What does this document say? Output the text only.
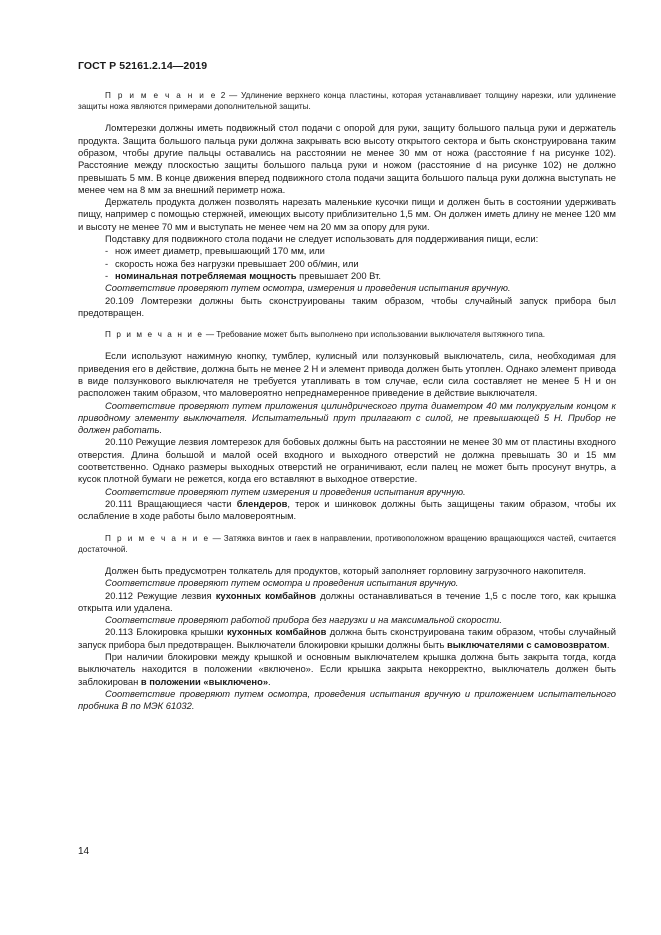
ГОСТ Р 52161.2.14—2019

П р и м е ч а н и е 2 — Удлинение верхнего конца пластины, которая устанавливает толщину нарезки, или удлинение защиты ножа являются примерами дополнительной защиты.

Ломтерезки должны иметь подвижный стол подачи с опорой для руки, защиту большого пальца руки и держатель продукта. Защита большого пальца руки должна закрывать всю высоту открытого сектора и быть сконструирована таким образом, чтобы другие пальцы оставались на расстоянии не менее 30 мм от ножа (расстояние f на рисунке 102). Расстояние между плоскостью защиты большого пальца руки и ножом (расстояние d на рисунке 102) не должно превышать 5 мм. В конце движения вперед подвижного стола подачи защита большого пальца руки должна выступать не менее чем на 8 мм за внешний периметр ножа.

Держатель продукта должен позволять нарезать маленькие кусочки пищи и должен быть в состоянии удерживать пищу, например с помощью стержней, имеющих высоту приблизительно 1,5 мм. Он должен иметь длину не менее 120 мм и высоту не менее 70 мм и выступать не менее чем на 20 мм за опору для руки.

Подставку для подвижного стола подачи не следует использовать для поддерживания пищи, если:

- нож имеет диаметр, превышающий 170 мм, или
- скорость ножа без нагрузки превышает 200 об/мин, или
- номинальная потребляемая мощность превышает 200 Вт.

Соответствие проверяют путем осмотра, измерения и проведения испытания вручную.

20.109 Ломтерезки должны быть сконструированы таким образом, чтобы случайный запуск прибора был предотвращен.

П р и м е ч а н и е — Требование может быть выполнено при использовании выключателя вытяжного типа.

Если используют нажимную кнопку, тумблер, кулисный или ползунковый выключатель, сила, необходимая для приведения его в действие, должна быть не менее 2 Н и элемент привода должен быть утоплен. Однако элемент привода в виде ползункового выключателя не требуется утапливать в том случае, если сила составляет не менее 5 Н и он расположен таким образом, что маловероятно непреднамеренное приведение в действие выключателя.

Соответствие проверяют путем приложения цилиндрического прута диаметром 40 мм полукруглым концом к приводному элементу выключателя. Испытательный прут прилагают с силой, не превышающей 5 Н. Прибор не должен работать.

20.110 Режущие лезвия ломтерезок для бобовых должны быть на расстоянии не менее 30 мм от пластины входного отверстия. Длина большой и малой осей входного и выходного отверстий не должна превышать 30 и 15 мм соответственно. Однако размеры выходных отверстий не ограничивают, если палец не может быть просунут внутрь, а кусок плотной бумаги не режется, когда его вставляют в выходное отверстие.

Соответствие проверяют путем измерения и проведения испытания вручную.

20.111 Вращающиеся части блендеров, терок и шинковок должны быть защищены таким образом, чтобы их ослабление в ходе работы было маловероятным.

П р и м е ч а н и е — Затяжка винтов и гаек в направлении, противоположном вращению вращающихся частей, считается достаточной.

Должен быть предусмотрен толкатель для продуктов, который заполняет горловину загрузочного накопителя.

Соответствие проверяют путем осмотра и проведения испытания вручную.

20.112 Режущие лезвия кухонных комбайнов должны останавливаться в течение 1,5 с после того, как крышка открыта или удалена.

Соответствие проверяют работой прибора без нагрузки и на максимальной скорости.

20.113 Блокировка крышки кухонных комбайнов должна быть сконструирована таким образом, чтобы случайный запуск прибора был предотвращен. Выключатели блокировки крышки должны быть выключателями с самовозвратом.

При наличии блокировки между крышкой и основным выключателем крышка должна быть закрыта тогда, когда выключатель находится в положении «включено». Если крышка закрыта некорректно, выключатель должен быть заблокирован в положении «выключено».

Соответствие проверяют путем осмотра, проведения испытания вручную и приложением испытательного пробника В по МЭК 61032.

14
